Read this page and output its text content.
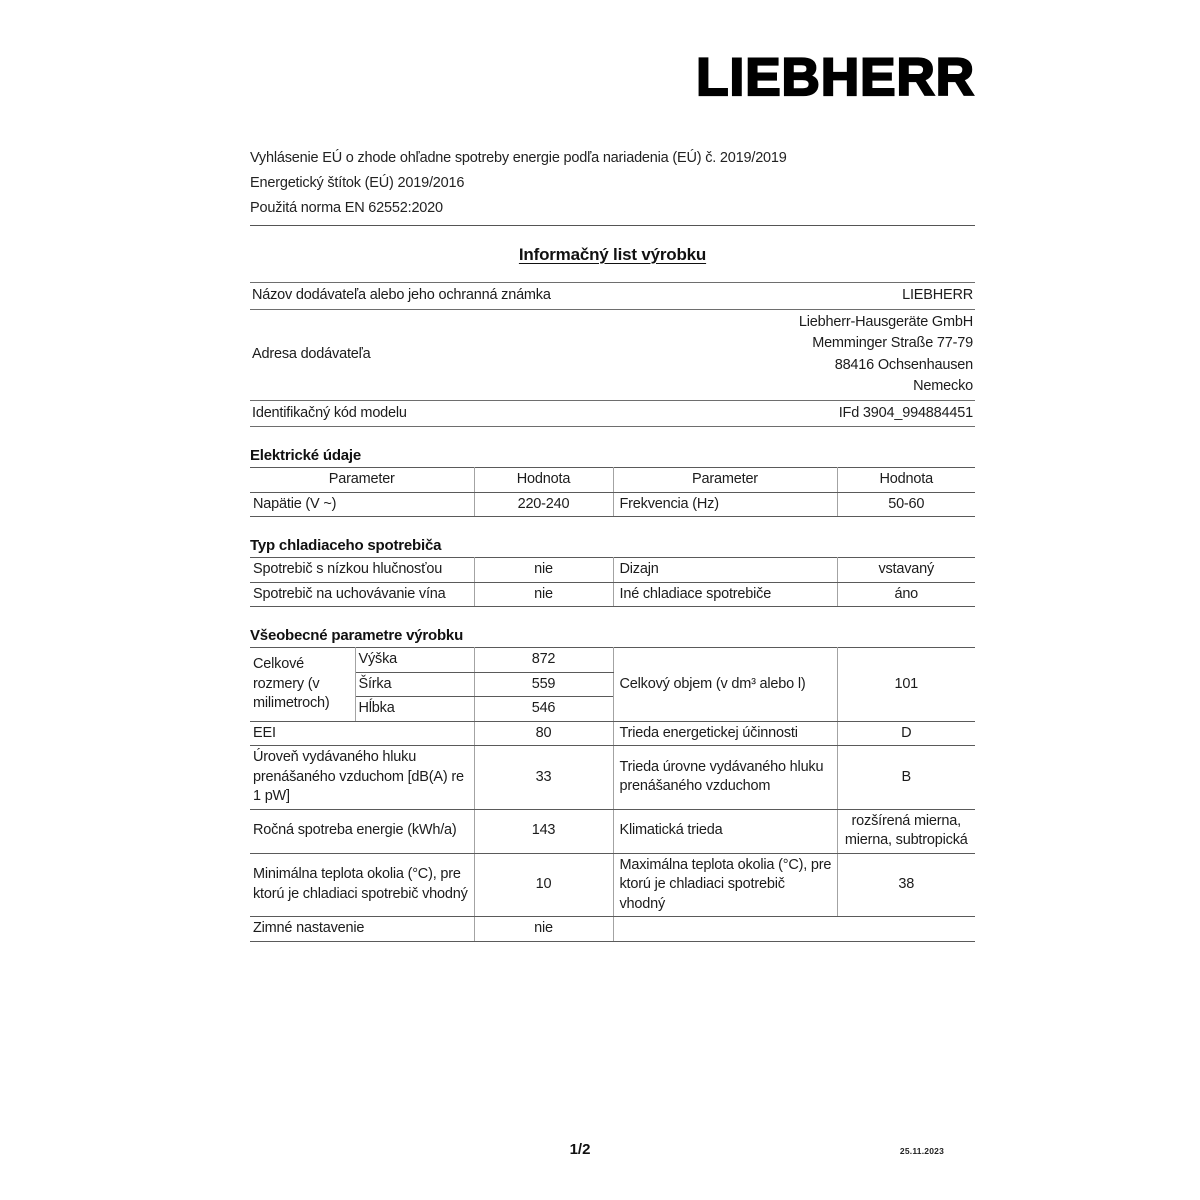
LIEBHERR
Vyhlásenie EÚ o zhode ohľadne spotreby energie podľa nariadenia (EÚ) č. 2019/2019
Energetický štítok (EÚ) 2019/2016
Použitá norma EN 62552:2020
Informačný list výrobku
Názov dodávateľa alebo jeho ochranná známka	LIEBHERR
Adresa dodávateľa	Liebherr-Hausgeräte GmbH
Memminger Straße 77-79
88416 Ochsenhausen
Nemecko

Identifikačný kód modelu	IFd 3904_994884451
Elektrické údaje
Parameter	Hodnota	Parameter	Hodnota
Napätie (V ~)	220-240	Frekvencia (Hz)	50-60
Typ chladiaceho spotrebiča
Spotrebič s nízkou hlučnosťou	nie	Dizajn	vstavaný
Spotrebič na uchovávanie vína	nie	Iné chladiace spotrebiče	áno
Všeobecné parametre výrobku
Celkové rozmery (v milimetroch)	Výška	872	Celkový objem (v dm³ alebo l)	101
	Šírka	559		
	Hĺbka	546		
EEI		80	Trieda energetickej účinnosti	D
Úroveň vydávaného hluku prenášaného vzduchom [dB(A) re 1 pW]		33	Trieda úrovne vydávaného hluku prenášaného vzduchom	B
Ročná spotreba energie (kWh/a)		143	Klimatická trieda	rozšírená mierna, mierna, subtropická
Minimálna teplota okolia (°C), pre ktorú je chladiaci spotrebič vhodný		10	Maximálna teplota okolia (°C), pre ktorú je chladiaci spotrebič vhodný	38
Zimné nastavenie		nie		
1/2	25.11.2023
